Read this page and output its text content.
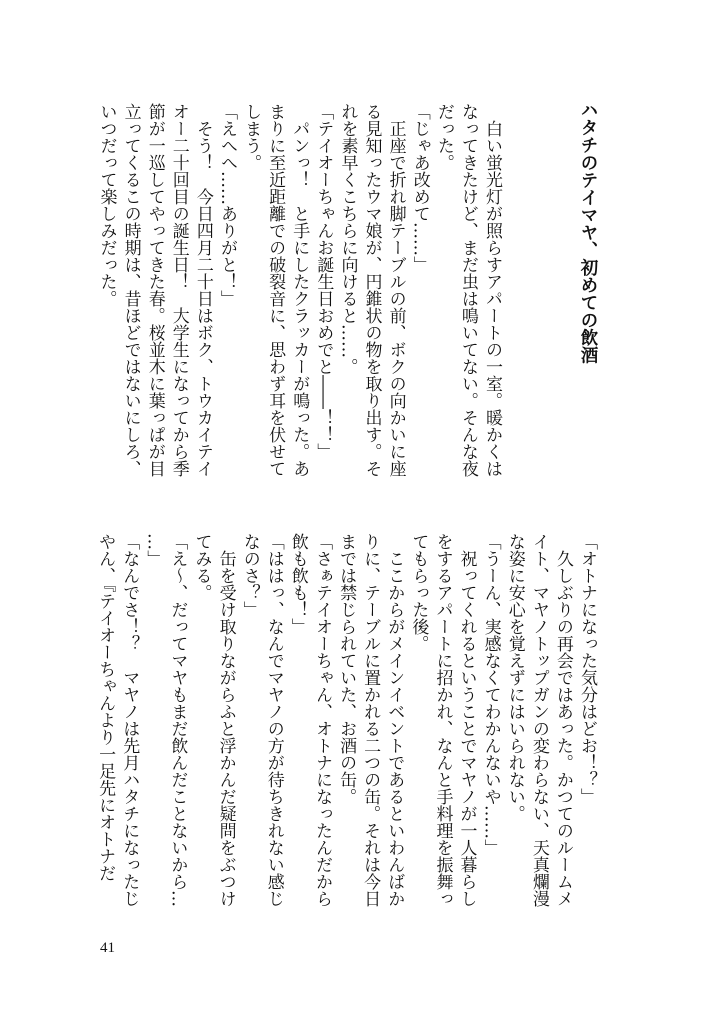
ハタチのテイマヤ、初めての飲酒
　白い蛍光灯が照らすアパートの一室。暖かくは
なってきたけど、まだ虫は鳴いてない。そんな夜
だった。
「じゃあ改めて……」
　正座で折れ脚テーブルの前、ボクの向かいに座
る見知ったウマ娘が、円錐状の物を取り出す。そ
れを素早くこちらに向けると……。
「テイオーちゃんお誕生日おめでと――！！」
　パンっ！　と手にしたクラッカーが鳴った。あ
まりに至近距離での破裂音に、思わず耳を伏せて
しまう。
「えへへ……ありがと！」
　そう！　今日四月二十日はボク、トウカイテイ
オー二十回目の誕生日！　大学生になってから季
節が一巡してやってきた春。桜並木に葉っぱが目
立ってくるこの時期は、昔ほどではないにしろ、
いつだって楽しみだった。
「オトナになった気分はどお！？」
　久しぶりの再会ではあった。かつてのルームメ
イト、マヤノトップガンの変わらない、天真爛漫
な姿に安心を覚えずにはいられない。
「うーん、実感なくてわかんないや……」
　祝ってくれるということでマヤノが一人暮らし
をするアパートに招かれ、なんと手料理を振舞っ
てもらった後。
　ここからがメインイベントであるといわんばか
りに、テーブルに置かれる二つの缶。それは今日
までは禁じられていた、お酒の缶。
「さぁテイオーちゃん、オトナになったんだから
飲も飲も！」
「ははっ、なんでマヤノの方が待ちきれない感じ
なのさ？」
　缶を受け取りながらふと浮かんだ疑問をぶつけ
てみる。
「え～、だってマヤもまだ飲んだことないから…
…」
「なんでさ！？　マヤノは先月ハタチになったじ
やん、『テイオーちゃんより一足先にオトナだ
41
